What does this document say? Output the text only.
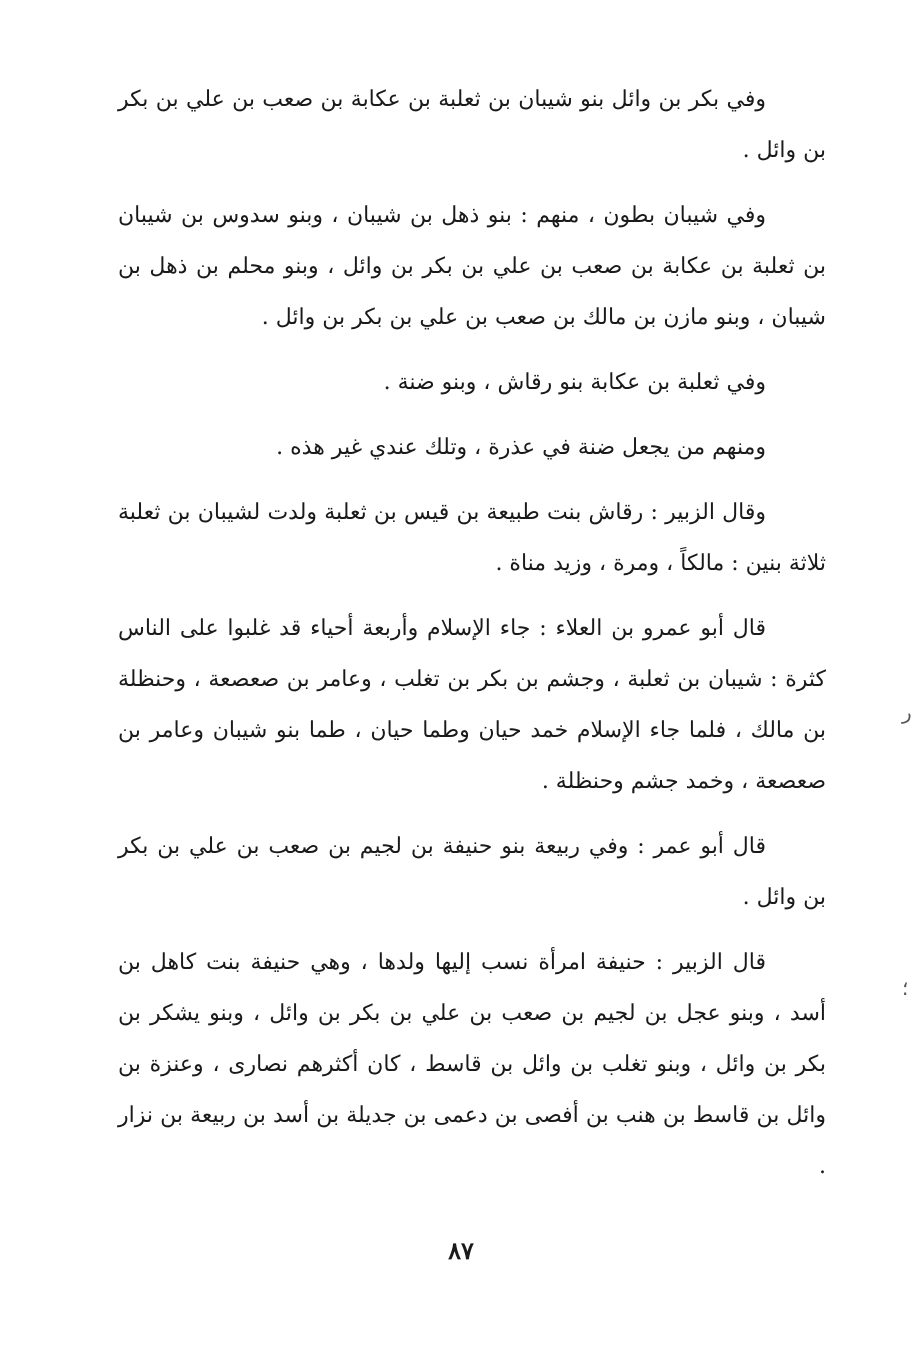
وفي بكر بن وائل بنو شيبان بن ثعلبة بن عكابة بن صعب بن علي بن بكر بن وائل .

وفي شيبان بطون ، منهم : بنو ذهل بن شيبان ، وبنو سدوس بن شيبان بن ثعلبة بن عكابة بن صعب بن علي بن بكر بن وائل ، وبنو محلم بن ذهل بن شيبان ، وبنو مازن بن مالك بن صعب بن علي بن بكر بن وائل .

وفي ثعلبة بن عكابة بنو رقاش ، وبنو ضنة .

ومنهم من يجعل ضنة في عذرة ، وتلك عندي غير هذه .

وقال الزبير : رقاش بنت طبيعة بن قيس بن ثعلبة ولدت لشيبان بن ثعلبة ثلاثة بنين : مالكاً ، ومرة ، وزيد مناة .

قال أبو عمرو بن العلاء : جاء الإسلام وأربعة أحياء قد غلبوا على الناس كثرة : شيبان بن ثعلبة ، وجشم بن بكر بن تغلب ، وعامر بن صعصعة ، وحنظلة بن مالك ، فلما جاء الإسلام خمد حيان وطما حيان ، طما بنو شيبان وعامر بن صعصعة ، وخمد جشم وحنظلة .

قال أبو عمر : وفي ربيعة بنو حنيفة بن لجيم بن صعب بن علي بن بكر بن وائل .

قال الزبير : حنيفة امرأة نسب إليها ولدها ، وهي حنيفة بنت كاهل بن أسد ، وبنو عجل بن لجيم بن صعب بن علي بن بكر بن وائل ، وبنو يشكر بن بكر بن وائل ، وبنو تغلب بن وائل بن قاسط ، كان أكثرهم نصارى ، وعنزة بن وائل بن قاسط بن هنب بن أفصى بن دعمى بن جديلة بن أسد بن ربيعة بن نزار .

ر
؛
٨٧
